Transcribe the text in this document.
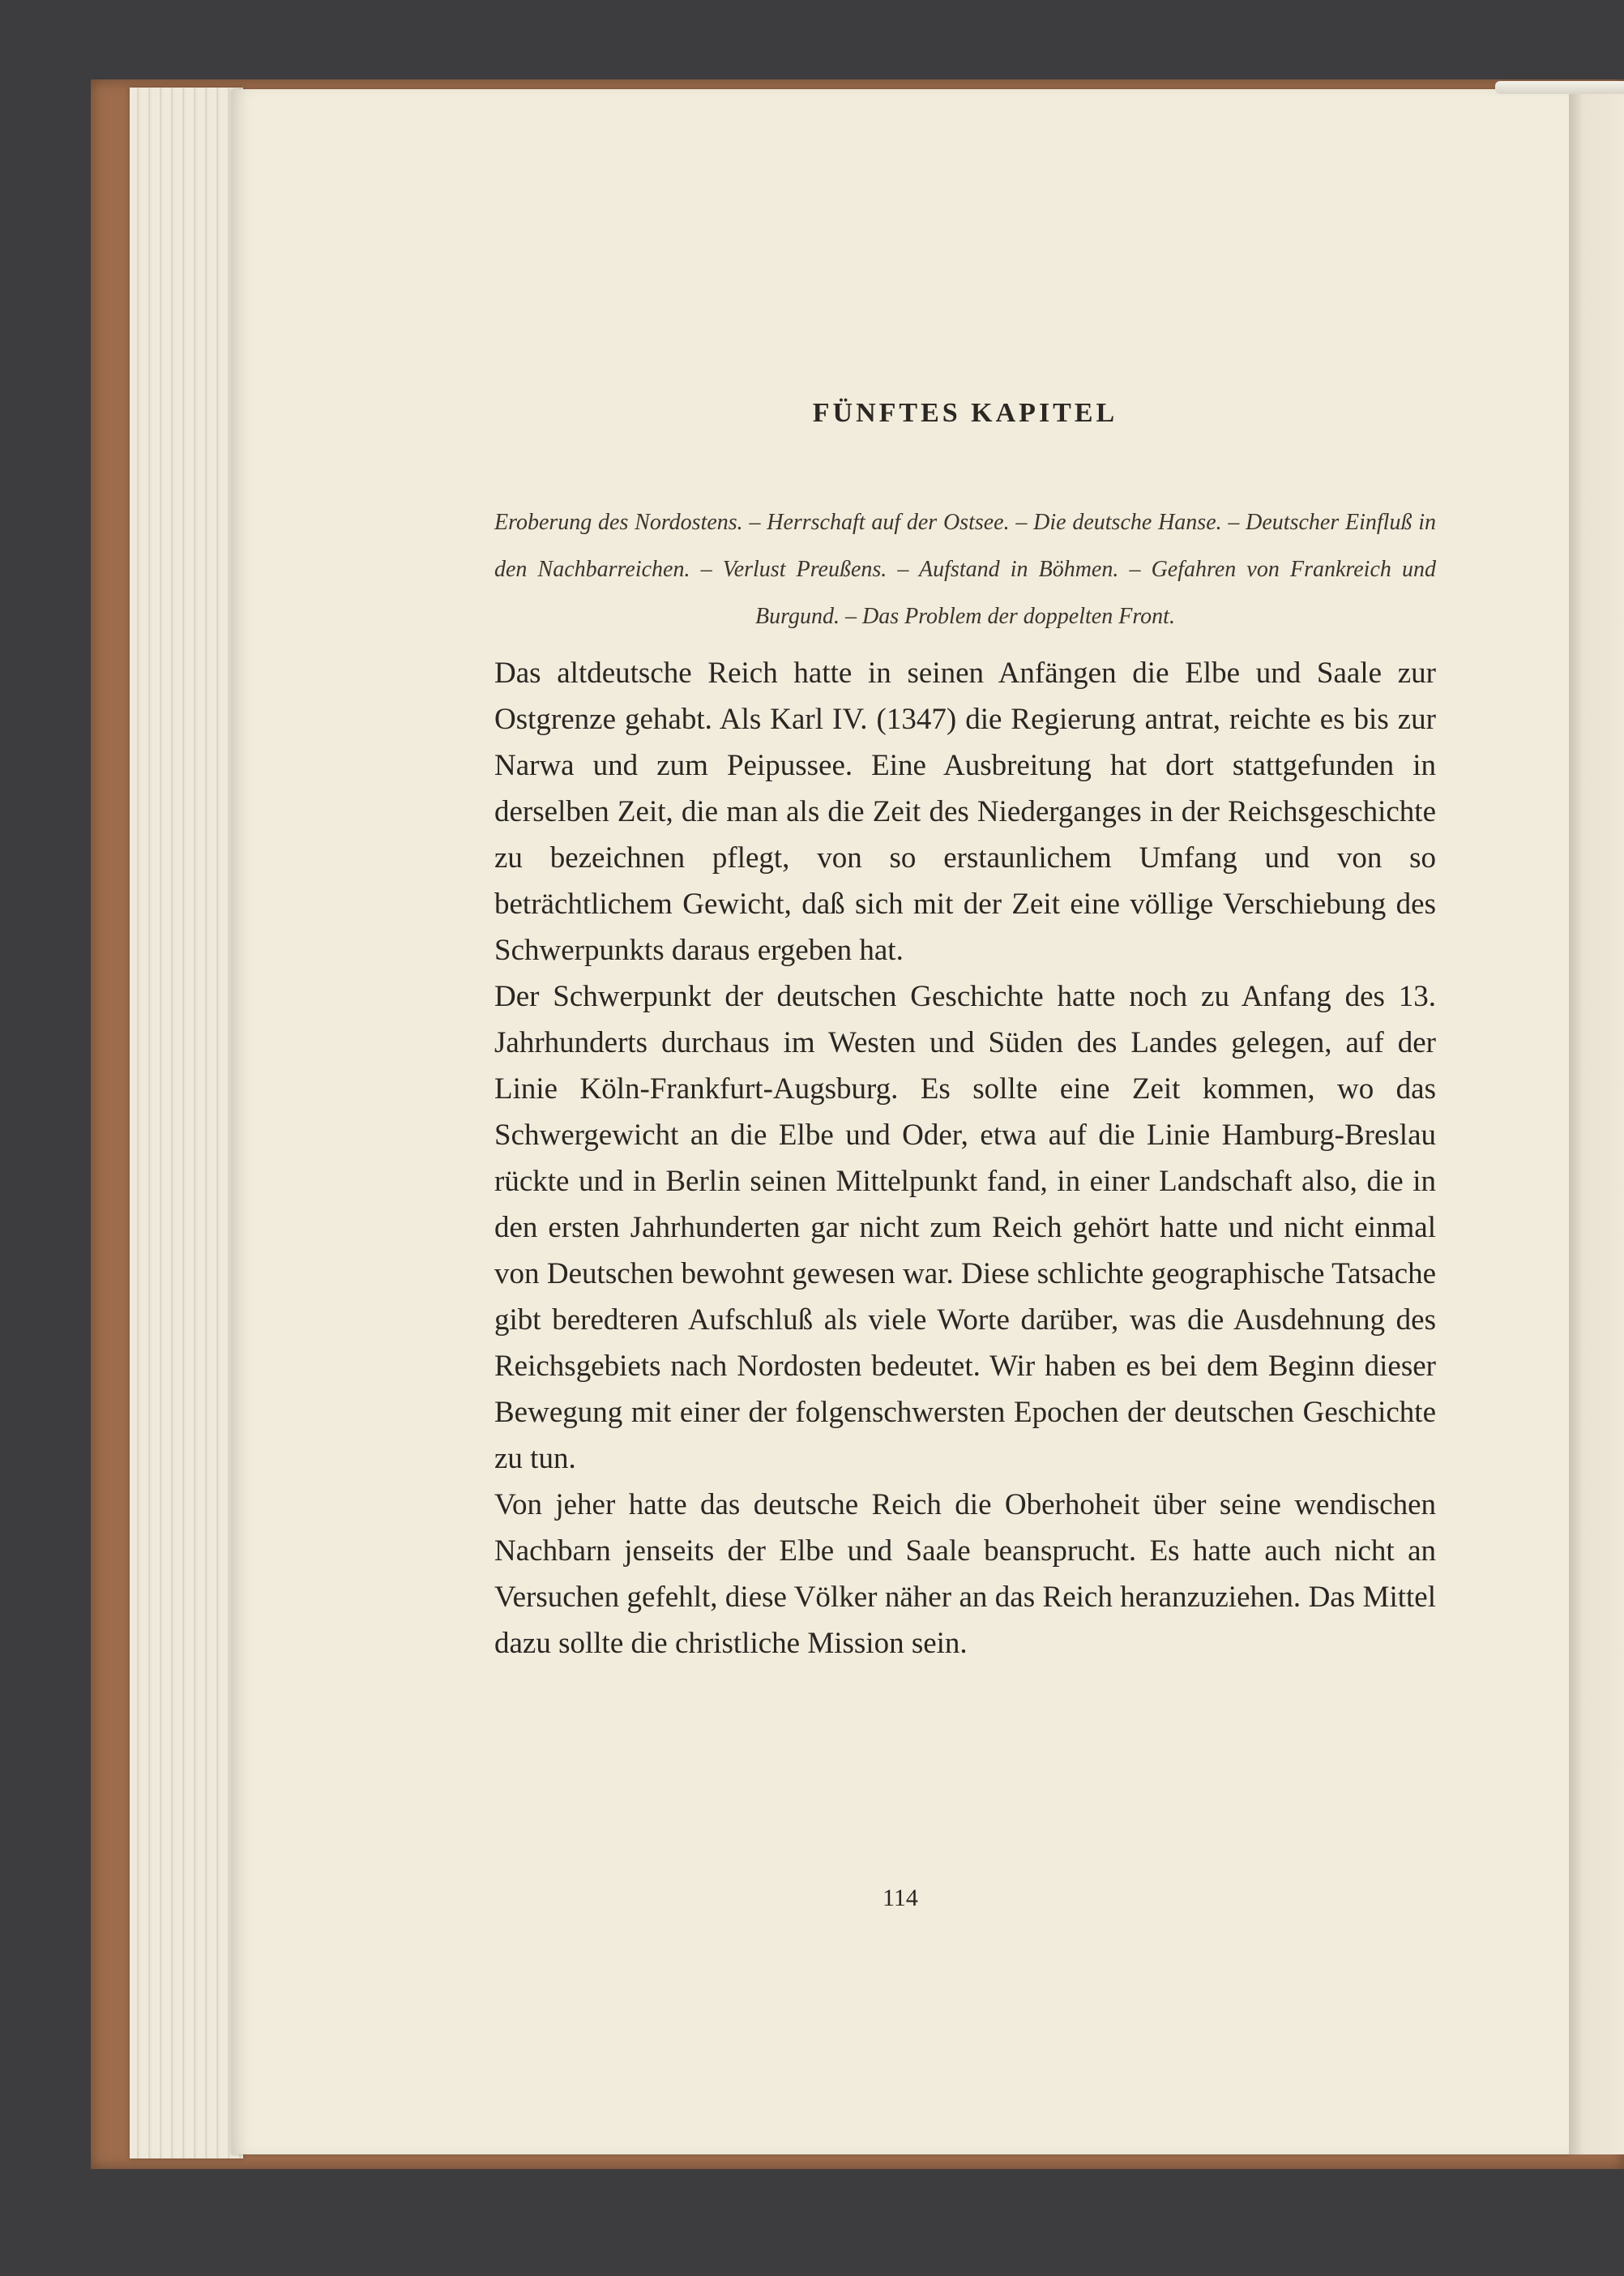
FÜNFTES KAPITEL
Eroberung des Nordostens. – Herrschaft auf der Ostsee. – Die deutsche Hanse. – Deutscher Einfluß in den Nachbarreichen. – Verlust Preußens. – Aufstand in Böhmen. – Gefahren von Frankreich und Burgund. – Das Problem der doppelten Front.

Das altdeutsche Reich hatte in seinen Anfängen die Elbe und Saale zur Ostgrenze gehabt. Als Karl IV. (1347) die Regierung antrat, reichte es bis zur Narwa und zum Peipussee. Eine Ausbreitung hat dort stattgefunden in derselben Zeit, die man als die Zeit des Niederganges in der Reichsgeschichte zu bezeichnen pflegt, von so erstaunlichem Umfang und von so beträchtlichem Gewicht, daß sich mit der Zeit eine völlige Verschiebung des Schwerpunkts daraus ergeben hat.

Der Schwerpunkt der deutschen Geschichte hatte noch zu Anfang des 13. Jahrhunderts durchaus im Westen und Süden des Landes gelegen, auf der Linie Köln-Frankfurt-Augsburg. Es sollte eine Zeit kommen, wo das Schwergewicht an die Elbe und Oder, etwa auf die Linie Hamburg-Breslau rückte und in Berlin seinen Mittelpunkt fand, in einer Landschaft also, die in den ersten Jahrhunderten gar nicht zum Reich gehört hatte und nicht einmal von Deutschen bewohnt gewesen war. Diese schlichte geographische Tatsache gibt beredteren Aufschluß als viele Worte darüber, was die Ausdehnung des Reichsgebiets nach Nordosten bedeutet. Wir haben es bei dem Beginn dieser Bewegung mit einer der folgenschwersten Epochen der deutschen Geschichte zu tun.

Von jeher hatte das deutsche Reich die Oberhoheit über seine wendischen Nachbarn jenseits der Elbe und Saale beansprucht. Es hatte auch nicht an Versuchen gefehlt, diese Völker näher an das Reich heranzuziehen. Das Mittel dazu sollte die christliche Mission sein.

114
